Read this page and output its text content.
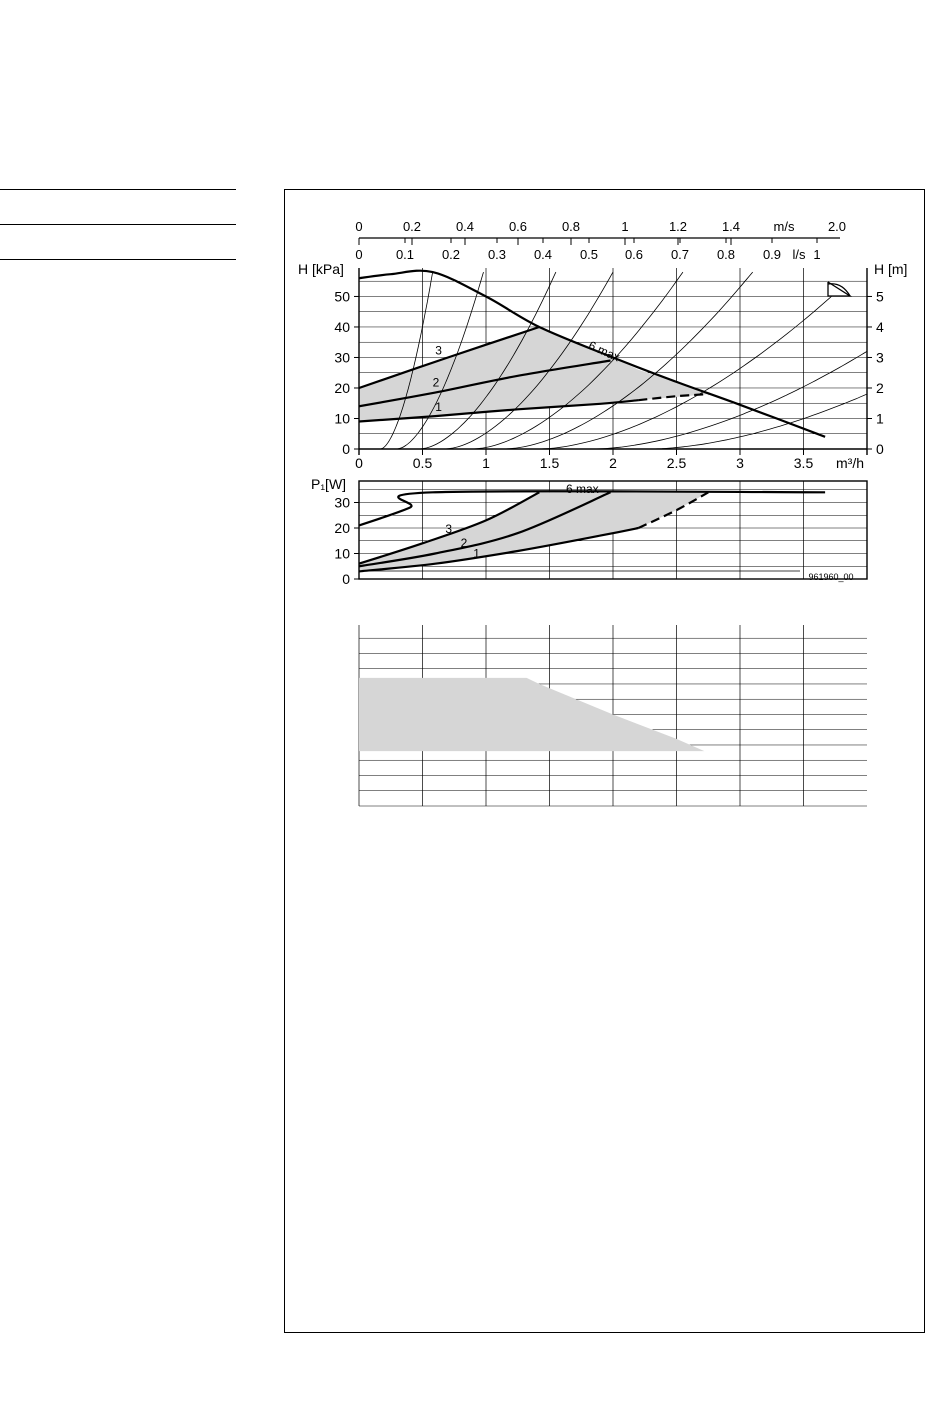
0	0.2	0.4	0.6	0.8	1	1.2	1.4	m/s	2.0
0	0.1 0.2 0.3 0.4 0.5 0.6 0.7 0.8 0.9 l/s 1
0
10
20
30
40
50
H [kPa]
0
1
2
3
4
5
H [m]
0	0.5	1	1.5	2	2.5	3	3.5 m³/h
6 max
3
2
1
0
10
20
30
P₁[W]	6 max
3
2
1
961960_00
